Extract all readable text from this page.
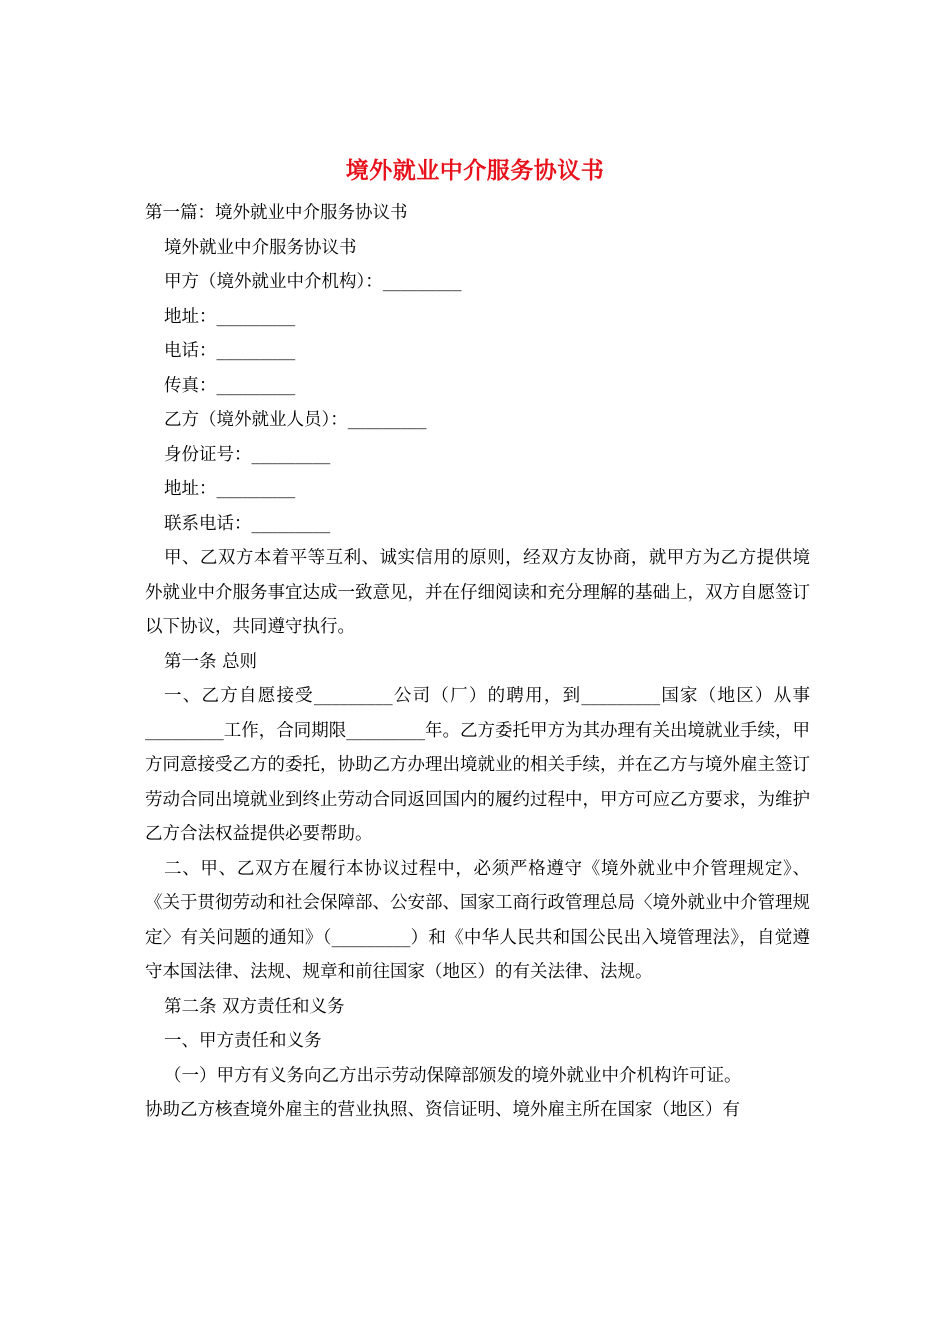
境外就业中介服务协议书

第一篇：境外就业中介服务协议书

境外就业中介服务协议书

甲方（境外就业中介机构）：_________

地址：_________

电话：_________

传真：_________

乙方（境外就业人员）：_________

身份证号：_________

地址：_________

联系电话：_________

甲、乙双方本着平等互利、诚实信用的原则，经双方友协商，就甲方为乙方提供境外就业中介服务事宜达成一致意见，并在仔细阅读和充分理解的基础上，双方自愿签订以下协议，共同遵守执行。

第一条 总则

一、乙方自愿接受_________公司（厂）的聘用，到_________国家（地区）从事_________工作，合同期限_________年。乙方委托甲方为其办理有关出境就业手续，甲方同意接受乙方的委托，协助乙方办理出境就业的相关手续，并在乙方与境外雇主签订劳动合同出境就业到终止劳动合同返回国内的履约过程中，甲方可应乙方要求，为维护乙方合法权益提供必要帮助。

二、甲、乙双方在履行本协议过程中，必须严格遵守《境外就业中介管理规定》、《关于贯彻劳动和社会保障部、公安部、国家工商行政管理总局〈境外就业中介管理规定〉有关问题的通知》（_________）和《中华人民共和国公民出入境管理法》，自觉遵守本国法律、法规、规章和前往国家（地区）的有关法律、法规。

第二条 双方责任和义务

一、甲方责任和义务

（一）甲方有义务向乙方出示劳动保障部颁发的境外就业中介机构许可证。

协助乙方核查境外雇主的营业执照、资信证明、境外雇主所在国家（地区）有
